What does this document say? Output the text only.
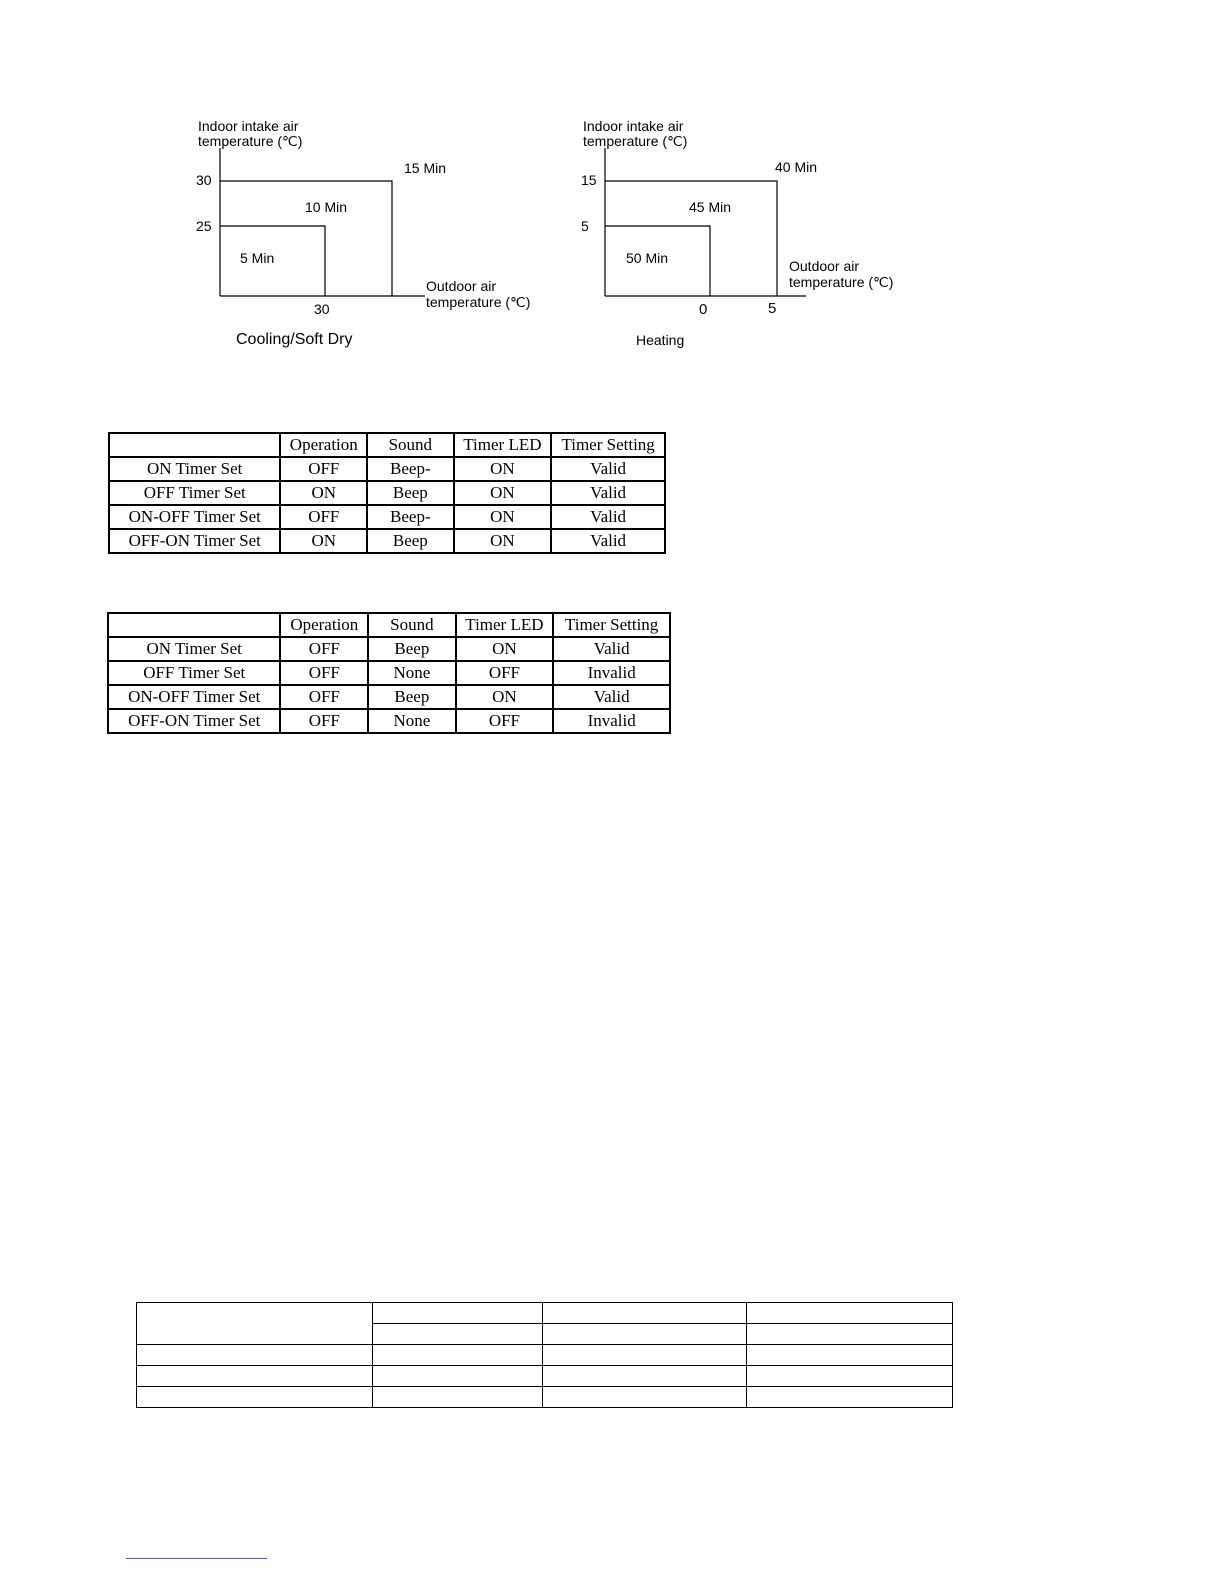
Indoor intake air
temperature (℃)
30
25
30
15 Min
10 Min
5 Min
Outdoor air
temperature (℃)
Cooling/Soft Dry
Indoor intake air
temperature (℃)
15
5
0	5
40 Min
45 Min
50 Min	Outdoor air
temperature (℃)
Heating
	Operation	Sound	Timer LED	Timer Setting
ON Timer Set	OFF	Beep-	ON	Valid
OFF Timer Set	ON	Beep	ON	Valid
ON-OFF Timer Set	OFF	Beep-	ON	Valid
OFF-ON Timer Set	ON	Beep	ON	Valid
	Operation	Sound	Timer LED	Timer Setting
ON Timer Set	OFF	Beep	ON	Valid
OFF Timer Set	OFF	None	OFF	Invalid
ON-OFF Timer Set	OFF	Beep	ON	Valid
OFF-ON Timer Set	OFF	None	OFF	Invalid
